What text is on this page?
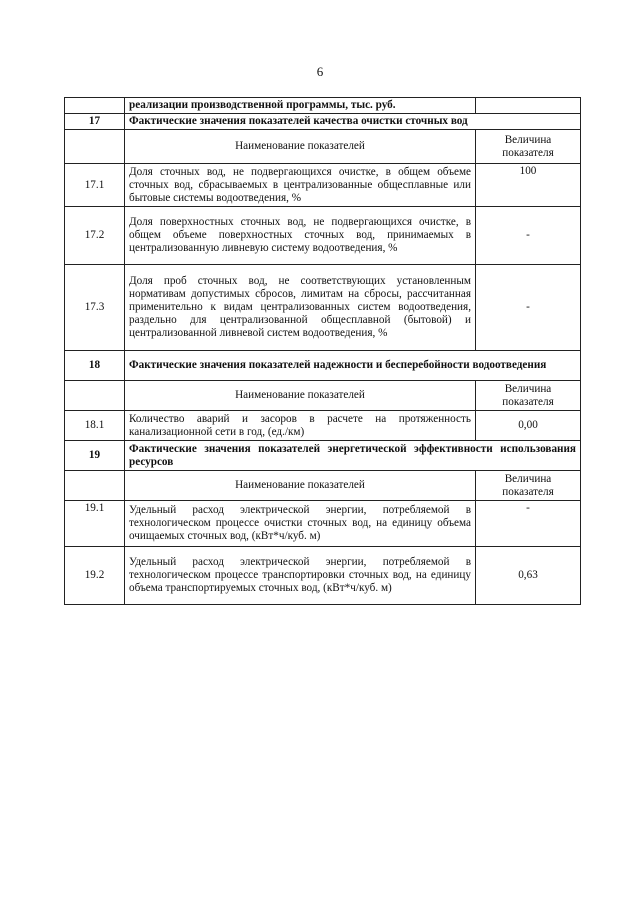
6
	реализации производственной программы, тыс. руб.	
17	Фактические значения показателей качества очистки сточных вод	
	Наименование показателей	Величина показателя
17.1	Доля сточных вод, не подвергающихся очистке, в общем объеме сточных вод, сбрасываемых в централизованные общесплавные или бытовые системы водоотведения, %	100
17.2	Доля поверхностных сточных вод, не подвергающихся очистке, в общем объеме поверхностных сточных вод, принимаемых в централизованную ливневую систему водоотведения, %	-
17.3	Доля проб сточных вод, не соответствующих установленным нормативам допустимых сбросов, лимитам на сбросы, рассчитанная применительно к видам централизованных систем водоотведения, раздельно для централизованной общесплавной (бытовой) и централизованной ливневой систем водоотведения, %	-
18	Фактические значения показателей надежности и бесперебойности водоотведения	
	Наименование показателей	Величина показателя
18.1	Количество аварий и засоров в расчете на протяженность канализационной сети в год, (ед./км)	0,00
19	Фактические значения показателей энергетической эффективности использования ресурсов	
	Наименование показателей	Величина показателя
19.1	Удельный расход электрической энергии, потребляемой в технологическом процессе очистки сточных вод, на единицу объема очищаемых сточных вод, (кВт*ч/куб. м)	-
19.2	Удельный расход электрической энергии, потребляемой в технологическом процессе транспортировки сточных вод, на единицу объема транспортируемых сточных вод, (кВт*ч/куб. м)	0,63
